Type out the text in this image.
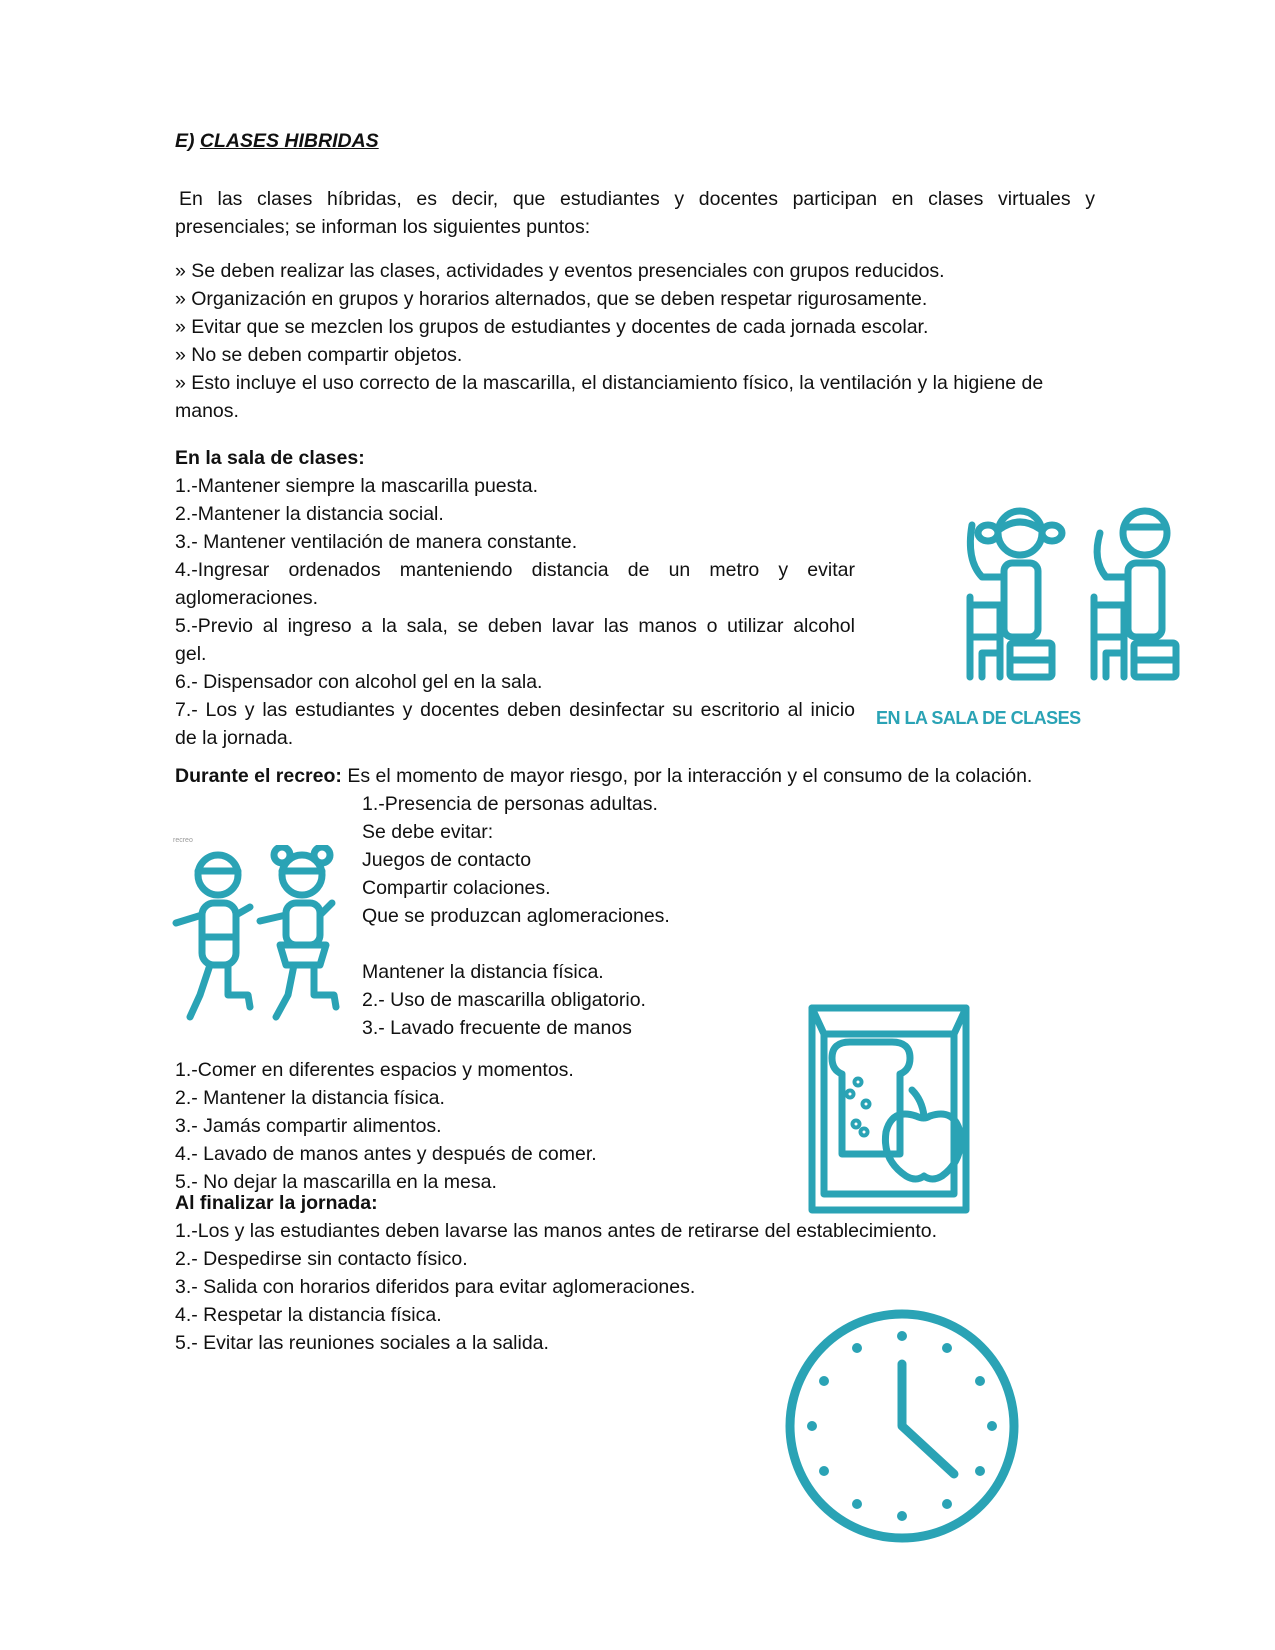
E) CLASES HIBRIDAS
En las clases híbridas, es decir, que estudiantes y docentes participan en clases virtuales y
presenciales; se informan los siguientes puntos:
» Se deben realizar las clases, actividades y eventos presenciales con grupos reducidos.
» Organización en grupos y horarios alternados, que se deben respetar rigurosamente.
» Evitar que se mezclen los grupos de estudiantes y docentes de cada jornada escolar.
» No se deben compartir objetos.
» Esto incluye el uso correcto de la mascarilla, el distanciamiento físico, la ventilación y la higiene de
manos.
En la sala de clases:
1.-Mantener siempre la mascarilla puesta.
2.-Mantener la distancia social.
3.- Mantener ventilación de manera constante.
4.-Ingresar ordenados manteniendo distancia de un metro y evitar
aglomeraciones.
5.-Previo al ingreso a la sala, se deben lavar las manos o utilizar alcohol
gel.
6.- Dispensador con alcohol gel en la sala.
7.- Los y las estudiantes y docentes deben desinfectar su escritorio al inicio
de la jornada.
EN LA SALA DE CLASES
Durante el recreo: Es el momento de mayor riesgo, por la interacción y el consumo de la colación.
1.-Presencia de personas adultas.
Se debe evitar:
Juegos de contacto
Compartir colaciones.
Que se produzcan aglomeraciones.
Mantener la distancia física.
2.- Uso de mascarilla obligatorio.
3.- Lavado frecuente de manos
recreo
1.-Comer en diferentes espacios y momentos.
2.- Mantener la distancia física.
3.- Jamás compartir alimentos.
4.- Lavado de manos antes y después de comer.
5.- No dejar la mascarilla en la mesa.
Al finalizar la jornada:
1.-Los y las estudiantes deben lavarse las manos antes de retirarse del establecimiento.
2.- Despedirse sin contacto físico.
3.- Salida con horarios diferidos para evitar aglomeraciones.
4.- Respetar la distancia física.
5.- Evitar las reuniones sociales a la salida.
